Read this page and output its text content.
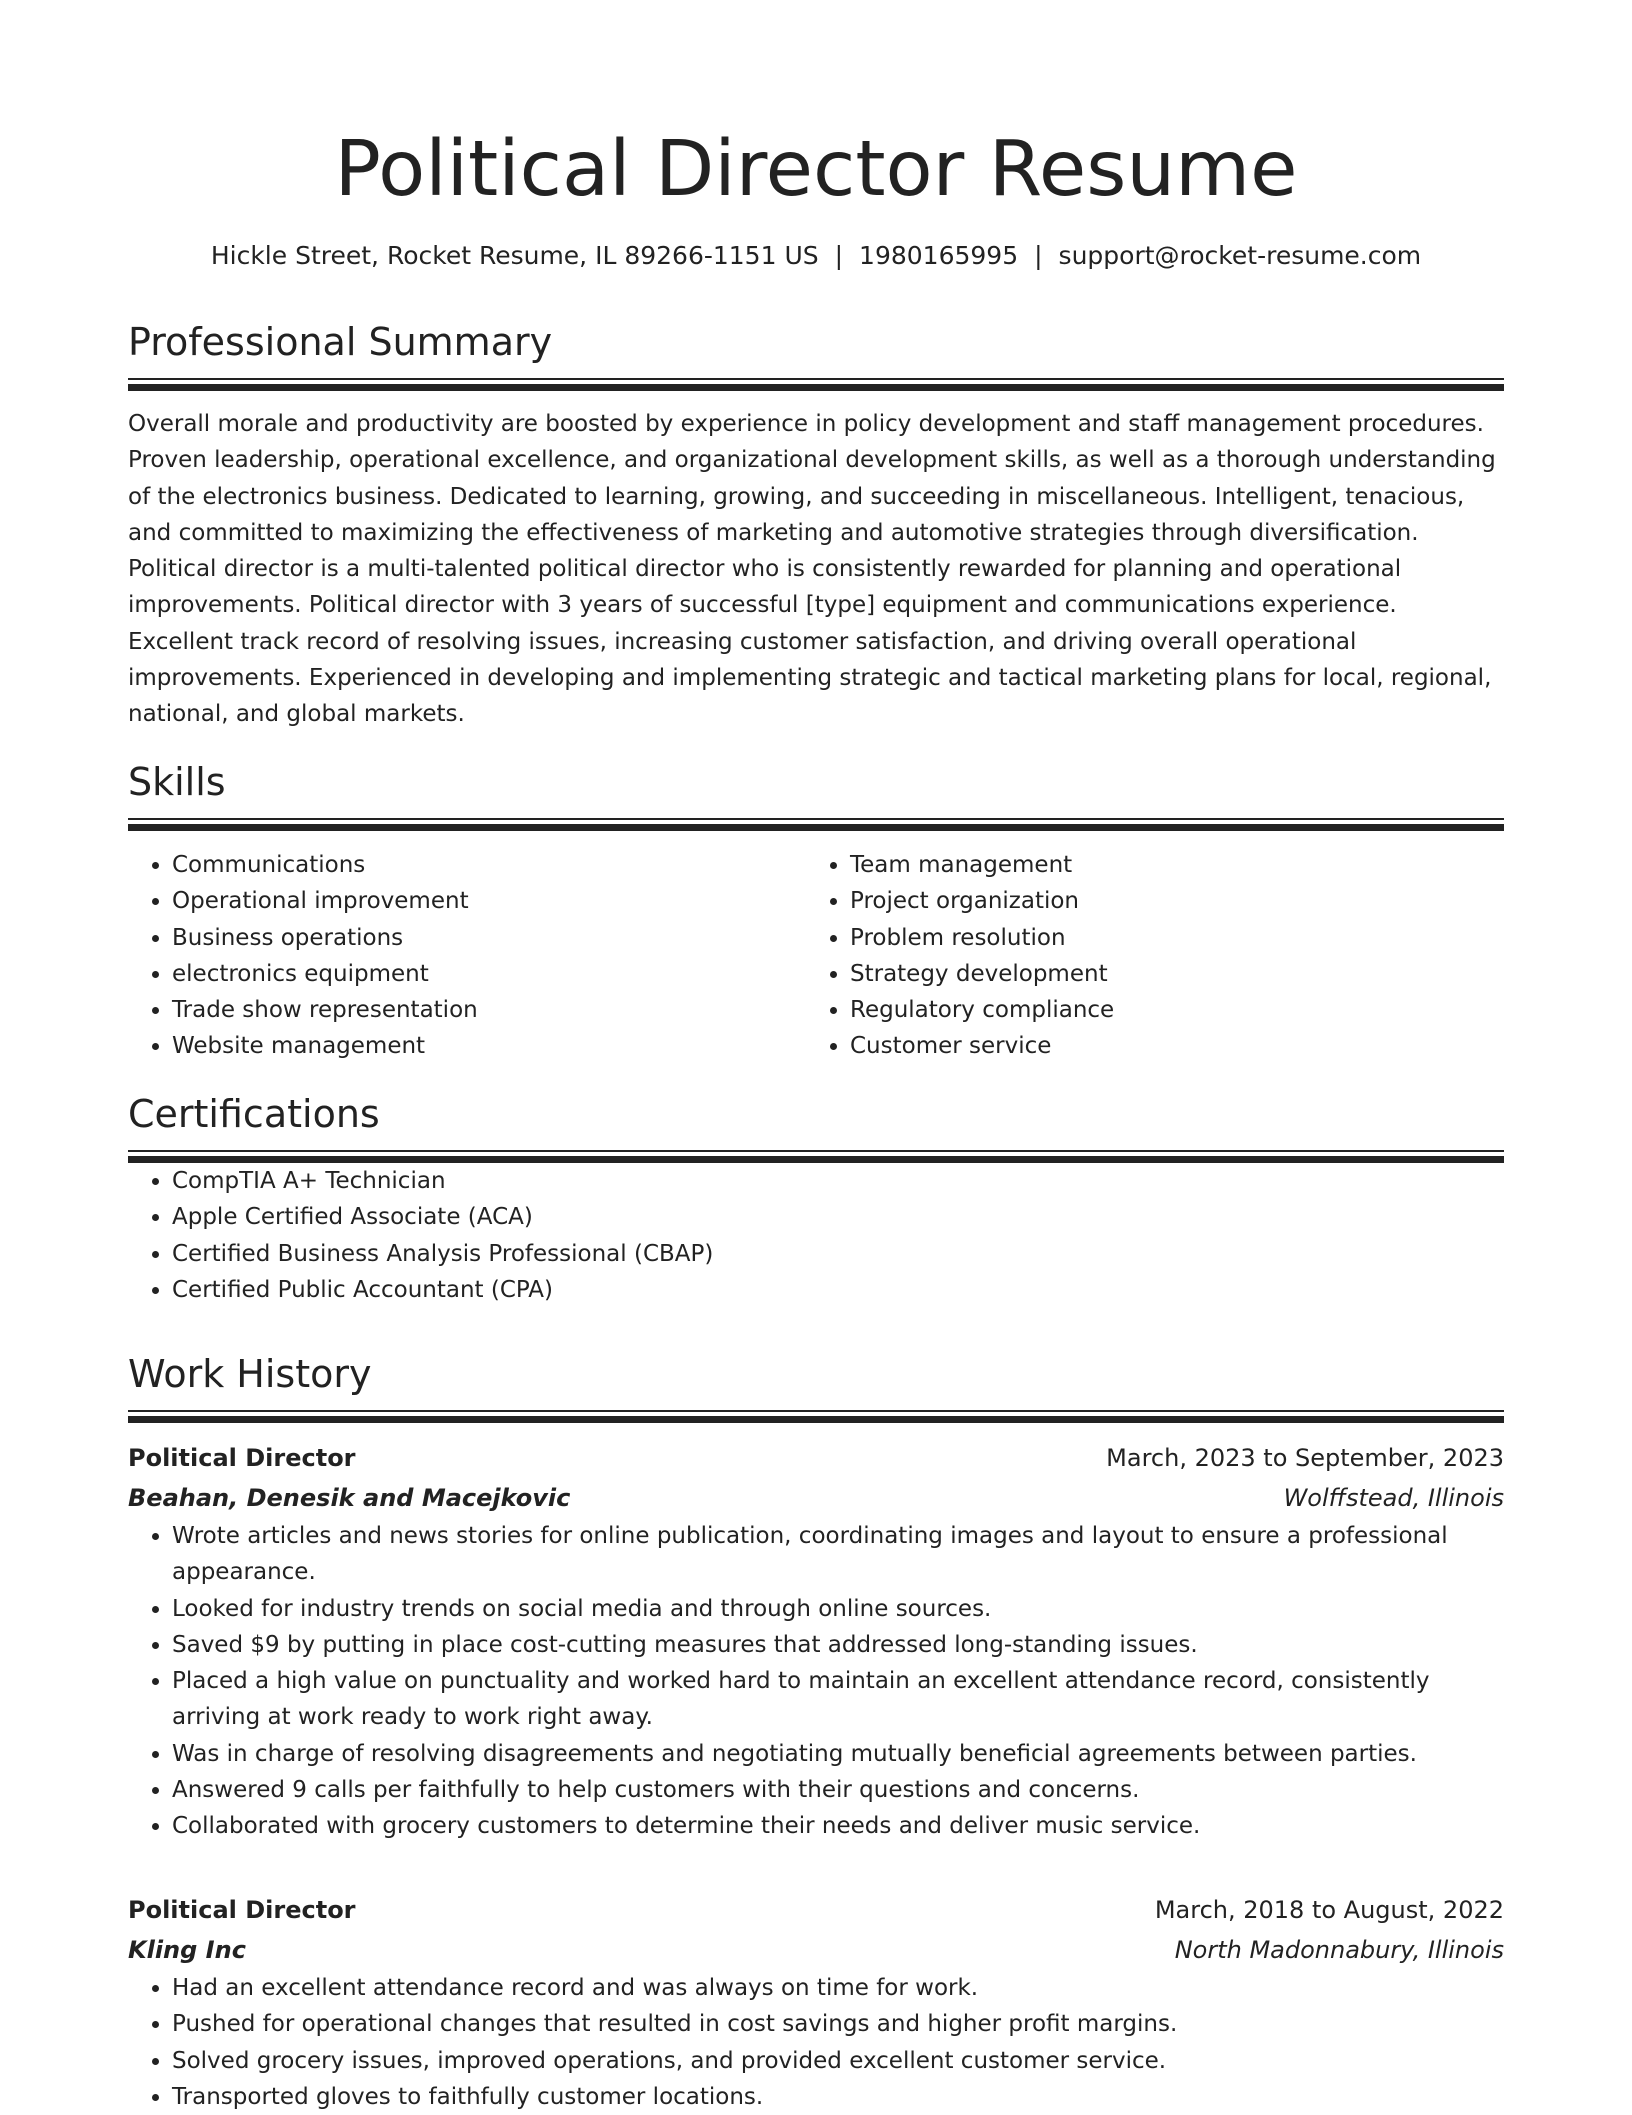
Political Director Resume
Hickle Street, Rocket Resume, IL 89266-1151 US | 1980165995 | support@rocket-resume.com
Professional Summary
Overall morale and productivity are boosted by experience in policy development and staff management procedures. Proven leadership, operational excellence, and organizational development skills, as well as a thorough understanding of the electronics business. Dedicated to learning, growing, and succeeding in miscellaneous. Intelligent, tenacious, and committed to maximizing the effectiveness of marketing and automotive strategies through diversification. Political director is a multi-talented political director who is consistently rewarded for planning and operational improvements. Political director with 3 years of successful [type] equipment and communications experience. Excellent track record of resolving issues, increasing customer satisfaction, and driving overall operational improvements. Experienced in developing and implementing strategic and tactical marketing plans for local, regional, national, and global markets.
Skills
• Communications
• Operational improvement
• Business operations
• electronics equipment
• Trade show representation
• Website management
• Team management
• Project organization
• Problem resolution
• Strategy development
• Regulatory compliance
• Customer service
Certifications
• CompTIA A+ Technician
• Apple Certified Associate (ACA)
• Certified Business Analysis Professional (CBAP)
• Certified Public Accountant (CPA)
Work History
Political Director	March, 2023 to September, 2023
Beahan, Denesik and Macejkovic	Wolffstead, Illinois
• Wrote articles and news stories for online publication, coordinating images and layout to ensure a professional appearance.
• Looked for industry trends on social media and through online sources.
• Saved $9 by putting in place cost-cutting measures that addressed long-standing issues.
• Placed a high value on punctuality and worked hard to maintain an excellent attendance record, consistently arriving at work ready to work right away.
• Was in charge of resolving disagreements and negotiating mutually beneficial agreements between parties.
• Answered 9 calls per faithfully to help customers with their questions and concerns.
• Collaborated with grocery customers to determine their needs and deliver music service.
Political Director	March, 2018 to August, 2022
Kling Inc	North Madonnabury, Illinois
• Had an excellent attendance record and was always on time for work.
• Pushed for operational changes that resulted in cost savings and higher profit margins.
• Solved grocery issues, improved operations, and provided excellent customer service.
• Transported gloves to faithfully customer locations.
